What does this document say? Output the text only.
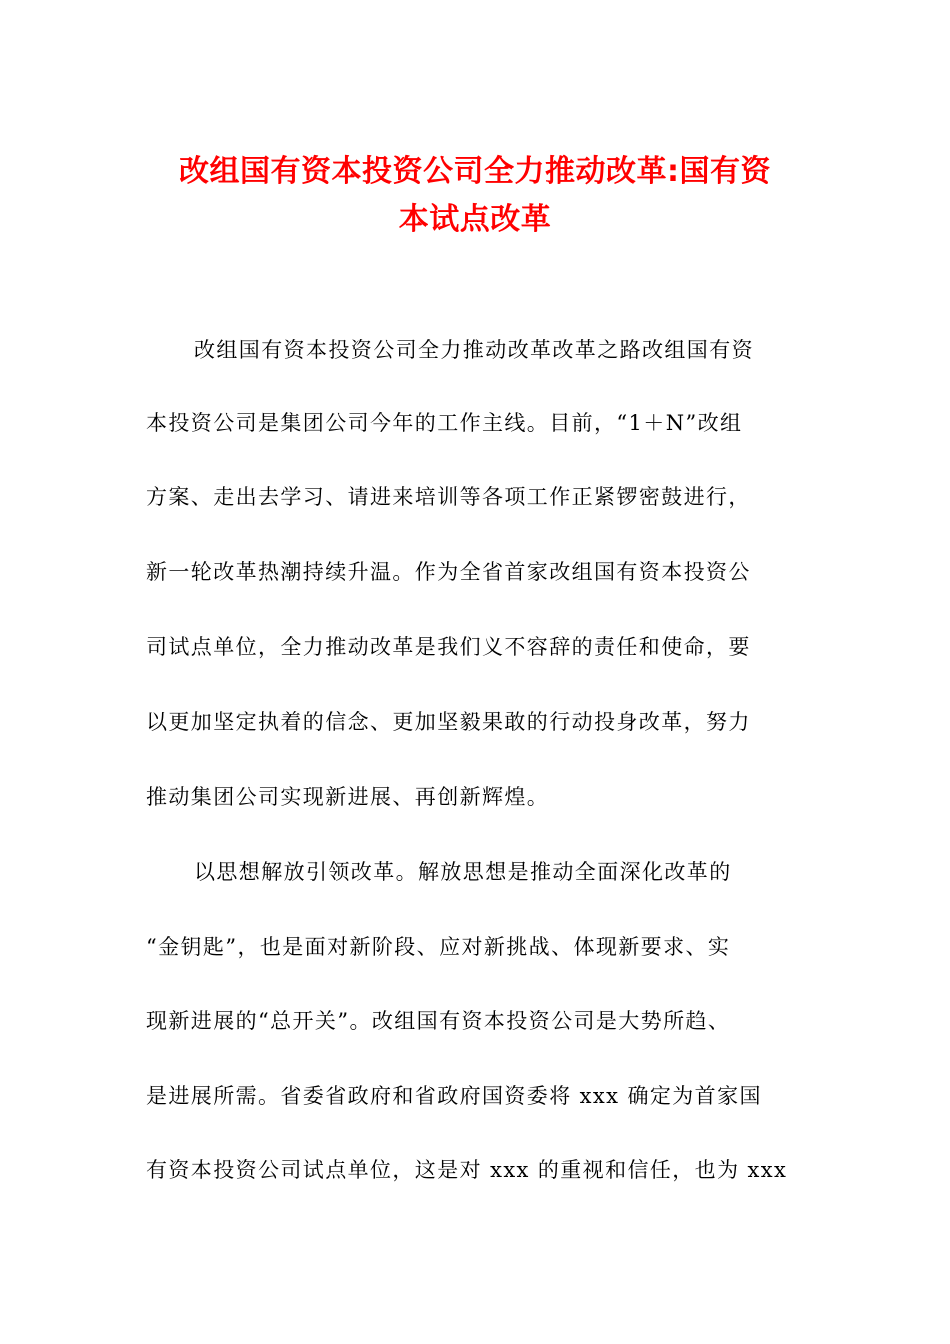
改组国有资本投资公司全力推动改革:国有资
本试点改革
改组国有资本投资公司全力推动改革改革之路改组国有资
本投资公司是集团公司今年的工作主线。目前，“1＋N”改组
方案、走出去学习、请进来培训等各项工作正紧锣密鼓进行，
新一轮改革热潮持续升温。作为全省首家改组国有资本投资公
司试点单位，全力推动改革是我们义不容辞的责任和使命，要
以更加坚定执着的信念、更加坚毅果敢的行动投身改革，努力
推动集团公司实现新进展、再创新辉煌。
以思想解放引领改革。解放思想是推动全面深化改革的
“金钥匙”，也是面对新阶段、应对新挑战、体现新要求、实
现新进展的“总开关”。改组国有资本投资公司是大势所趋、
是进展所需。省委省政府和省政府国资委将 xxx 确定为首家国
有资本投资公司试点单位，这是对 xxx 的重视和信任，也为 xxx
